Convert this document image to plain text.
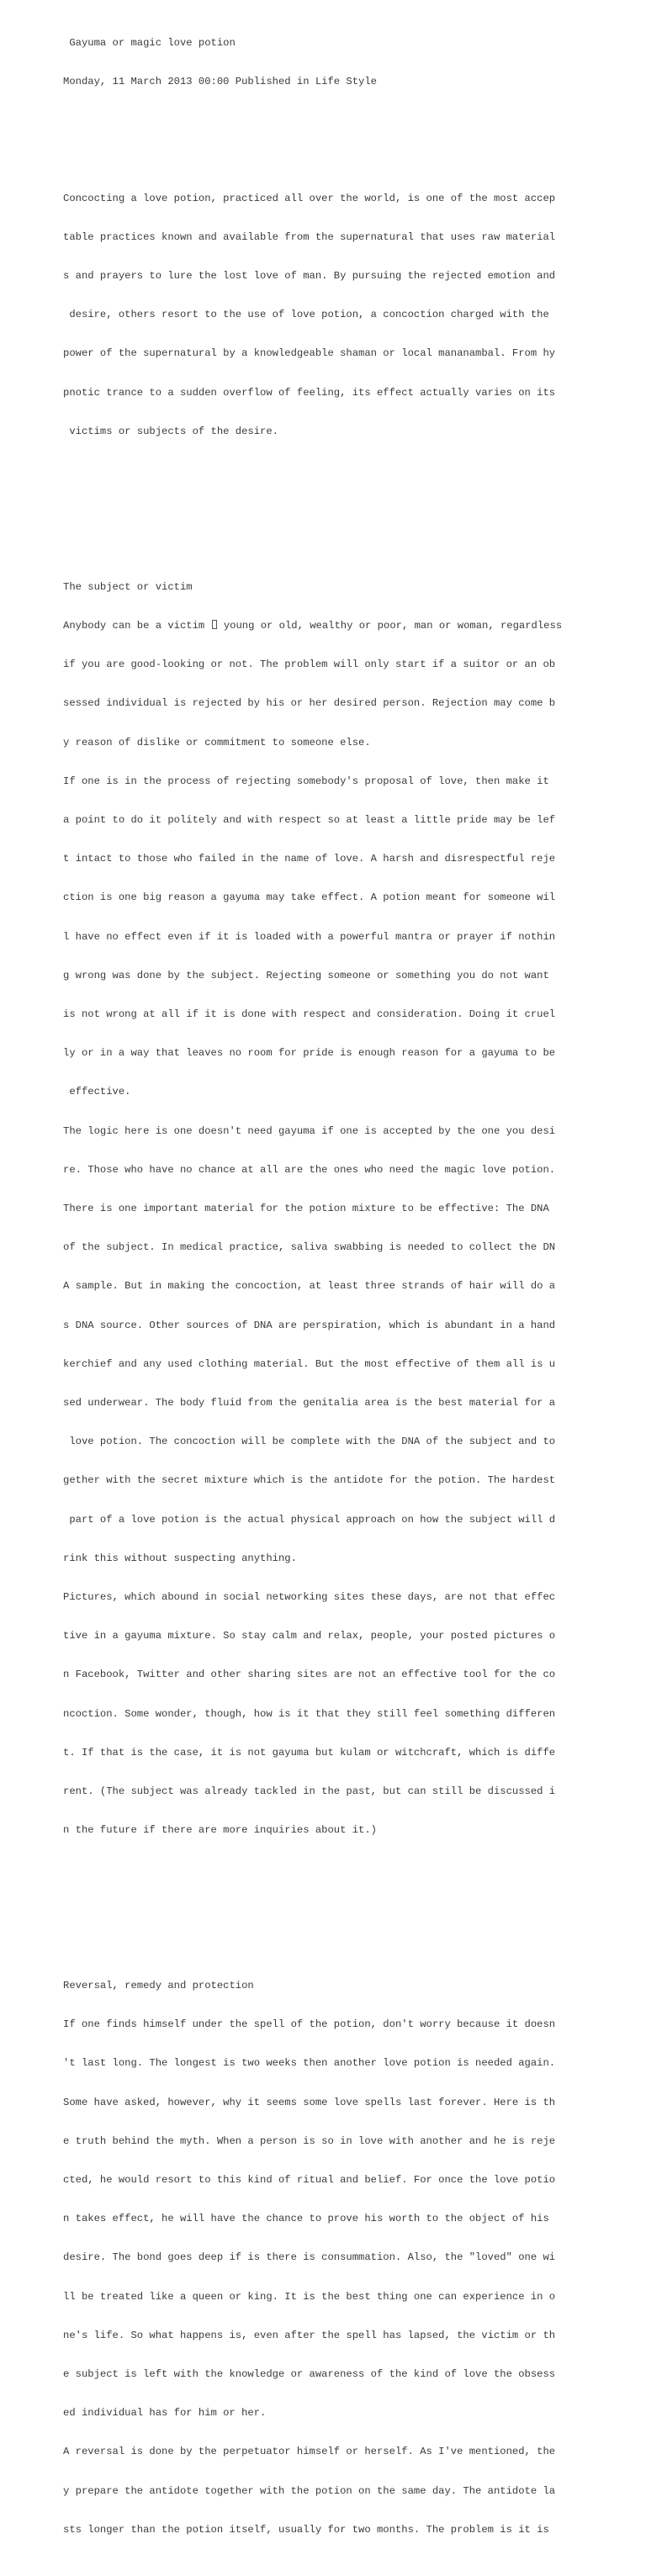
Gayuma or magic love potion

Monday, 11 March 2013 00:00 Published in Life Style

Concocting a love potion, practiced all over the world, is one of the most accep

table practices known and available from the supernatural that uses raw material

s and prayers to lure the lost love of man. By pursuing the rejected emotion and

desire, others resort to the use of love potion, a concoction charged with the

power of the supernatural by a knowledgeable shaman or local mananambal. From hy

pnotic trance to a sudden overflow of feeling, its effect actually varies on its

victims or subjects of the desire.

The subject or victim

Anybody can be a victim  young or old, wealthy or poor, man or woman, regardless

if you are good-looking or not. The problem will only start if a suitor or an ob

sessed individual is rejected by his or her desired person. Rejection may come b

y reason of dislike or commitment to someone else.

If one is in the process of rejecting somebody's proposal of love, then make it

a point to do it politely and with respect so at least a little pride may be lef

t intact to those who failed in the name of love. A harsh and disrespectful reje

ction is one big reason a gayuma may take effect. A potion meant for someone wil

l have no effect even if it is loaded with a powerful mantra or prayer if nothin

g wrong was done by the subject. Rejecting someone or something you do not want

is not wrong at all if it is done with respect and consideration. Doing it cruel

ly or in a way that leaves no room for pride is enough reason for a gayuma to be

effective.

The logic here is one doesn't need gayuma if one is accepted by the one you desi

re. Those who have no chance at all are the ones who need the magic love potion.

There is one important material for the potion mixture to be effective: The DNA

of the subject. In medical practice, saliva swabbing is needed to collect the DN

A sample. But in making the concoction, at least three strands of hair will do a

s DNA source. Other sources of DNA are perspiration, which is abundant in a hand

kerchief and any used clothing material. But the most effective of them all is u

sed underwear. The body fluid from the genitalia area is the best material for a

love potion. The concoction will be complete with the DNA of the subject and to

gether with the secret mixture which is the antidote for the potion. The hardest

part of a love potion is the actual physical approach on how the subject will d

rink this without suspecting anything.

Pictures, which abound in social networking sites these days, are not that effec

tive in a gayuma mixture. So stay calm and relax, people, your posted pictures o

n Facebook, Twitter and other sharing sites are not an effective tool for the co

ncoction. Some wonder, though, how is it that they still feel something differen

t. If that is the case, it is not gayuma but kulam or witchcraft, which is diffe

rent. (The subject was already tackled in the past, but can still be discussed i

n the future if there are more inquiries about it.)

Reversal, remedy and protection

If one finds himself under the spell of the potion, don't worry because it doesn

't last long. The longest is two weeks then another love potion is needed again.

Some have asked, however, why it seems some love spells last forever. Here is th

e truth behind the myth. When a person is so in love with another and he is reje

cted, he would resort to this kind of ritual and belief. For once the love potio

n takes effect, he will have the chance to prove his worth to the object of his

desire. The bond goes deep if is there is consummation. Also, the "loved" one wi

ll be treated like a queen or king. It is the best thing one can experience in o

ne's life. So what happens is, even after the spell has lapsed, the victim or th

e subject is left with the knowledge or awareness of the kind of love the obsess

ed individual has for him or her.

A reversal is done by the perpetuator himself or herself. As I've mentioned, the

y prepare the antidote together with the potion on the same day. The antidote la

sts longer than the potion itself, usually for two months. The problem is it is
